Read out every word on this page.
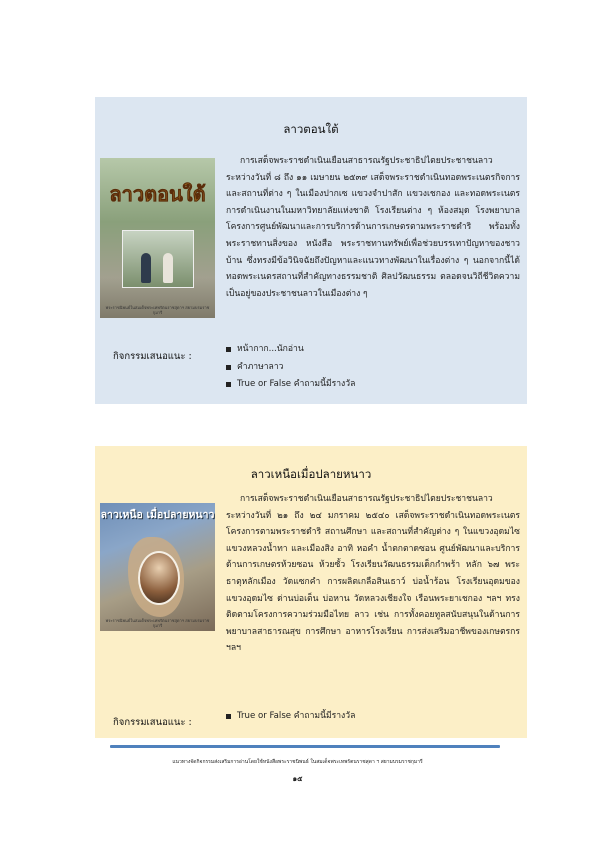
ลาวตอนใต้
ลาวตอนใต้
พระราชนิพนธ์ในสมเด็จพระเทพรัตนราชสุดาฯ สยามบรมราชกุมารี
การเสด็จพระราชดำเนินเยือนสาธารณรัฐประชาธิปไตยประชาชนลาว ระหว่างวันที่ ๘ ถึง ๑๑ เมษายน ๒๕๓๙ เสด็จพระราชดำเนินทอดพระเนตรกิจการและสถานที่ต่าง ๆ ในเมืองปากเซ แขวงจำปาสัก แขวงเชกอง และทอดพระเนตรการดำเนินงานในมหาวิทยาลัยแห่งชาติ โรงเรียนต่าง ๆ ห้องสมุด โรงพยาบาล โครงการศูนย์พัฒนาและการบริการด้านการเกษตรตามพระราชดำริ พร้อมทั้งพระราชทานสิ่งของ หนังสือ พระราชทานทรัพย์เพื่อช่วยบรรเทาปัญหาของชาวบ้าน ซึ่งทรงมีข้อวินิจฉัยถึงปัญหาและแนวทางพัฒนาในเรื่องต่าง ๆ นอกจากนี้ได้ทอดพระเนตรสถานที่สำคัญทางธรรมชาติ ศิลปวัฒนธรรม ตลอดจนวิถีชีวิตความเป็นอยู่ของประชาชนลาวในเมืองต่าง ๆ
กิจกรรมเสนอแนะ :
หน้ากาก...นักอ่าน
คำภาษาลาว
True or False คำถามนี้มีรางวัล
ลาวเหนือเมื่อปลายหนาว
ลาวเหนือ เมื่อปลายหนาว
พระราชนิพนธ์ในสมเด็จพระเทพรัตนราชสุดาฯ สยามบรมราชกุมารี
การเสด็จพระราชดำเนินเยือนสาธารณรัฐประชาธิปไตยประชาชนลาว ระหว่างวันที่ ๒๑ ถึง ๒๔ มกราคม ๒๕๔๐ เสด็จพระราชดำเนินทอดพระเนตรโครงการตามพระราชดำริ สถานศึกษา และสถานที่สำคัญต่าง ๆ ในแขวงอุดมไซ แขวงหลวงน้ำทา และเมืองสิง อาทิ หอคำ น้ำตกตาดซอน ศูนย์พัฒนาและบริการด้านการเกษตรห้วยซอน ห้วยซั้ว โรงเรียนวัฒนธรรมเด็กกำพร้า หลัก ๖๗ พระธาตุหลักเมือง วัดแซกคำ การผลิตเกลือสินเธาว์ บ่อน้ำร้อน โรงเรียนอุดมของแขวงอุดมไซ ด่านบ่อเต็น บ่อหาน วัดหลวงเชียงใจ เรือนพระยาเชกอง ฯลฯ ทรงติดตามโครงการความร่วมมือไทย ลาว เช่น การทั้งคอยทูลสนับสนุนในด้านการพยาบาลสาธารณสุข การศึกษา อาหารโรงเรียน การส่งเสริมอาชีพของเกษตรกร ฯลฯ
กิจกรรมเสนอแนะ :
True or False คำถามนี้มีรางวัล
แนวทางจัดกิจกรรมส่งเสริมการอ่านโดยใช้หนังสือพระราชนิพนธ์ ในสมเด็จพระเทพรัตนราชสุดา ฯ สยามบรมราชกุมารี
๑๕
